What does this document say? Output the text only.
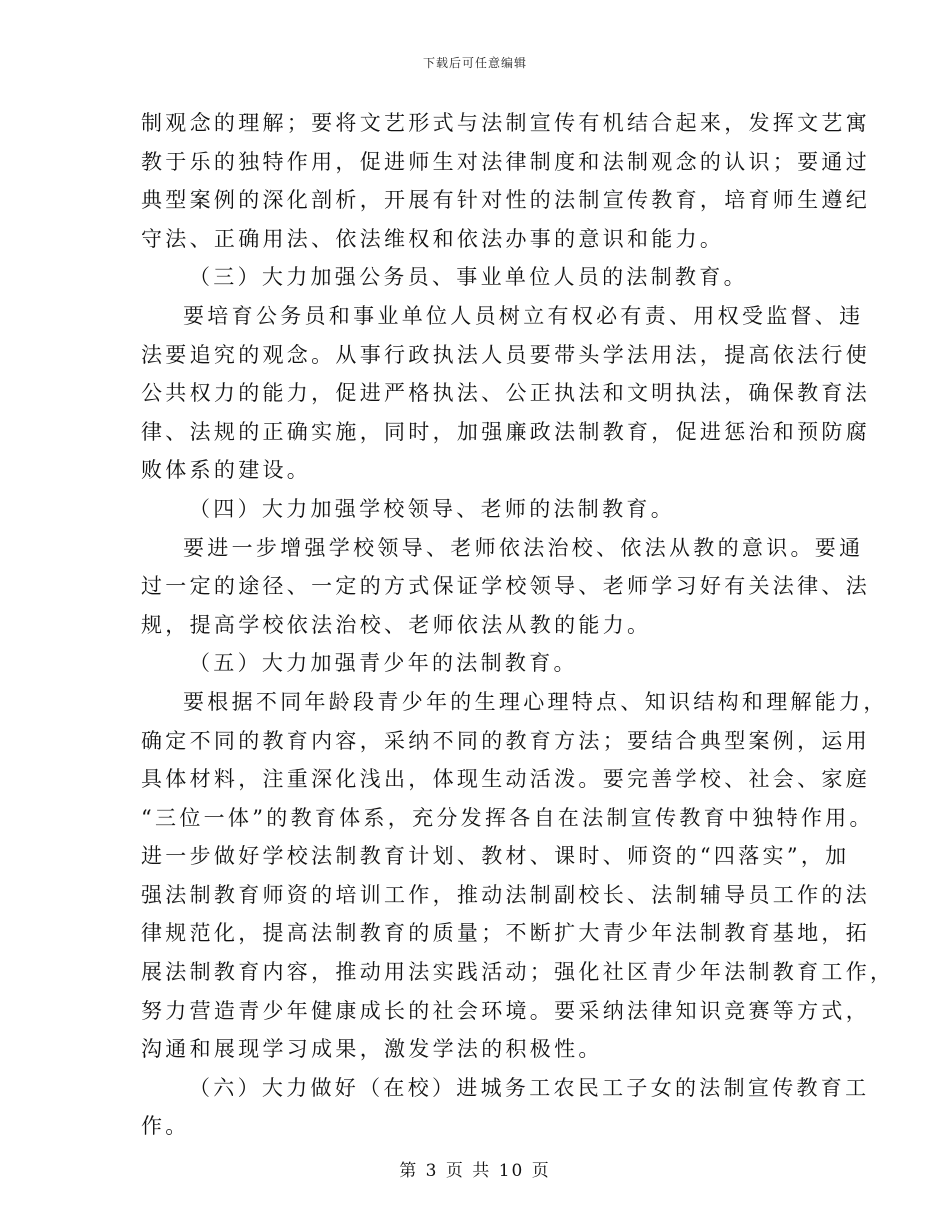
下载后可任意编辑
制观念的理解；要将文艺形式与法制宣传有机结合起来，发挥文艺寓
教于乐的独特作用，促进师生对法律制度和法制观念的认识；要通过
典型案例的深化剖析，开展有针对性的法制宣传教育，培育师生遵纪
守法、正确用法、依法维权和依法办事的意识和能力。
（三）大力加强公务员、事业单位人员的法制教育。
要培育公务员和事业单位人员树立有权必有责、用权受监督、违
法要追究的观念。从事行政执法人员要带头学法用法，提高依法行使
公共权力的能力，促进严格执法、公正执法和文明执法，确保教育法
律、法规的正确实施，同时，加强廉政法制教育，促进惩治和预防腐
败体系的建设。
（四）大力加强学校领导、老师的法制教育。
要进一步增强学校领导、老师依法治校、依法从教的意识。要通
过一定的途径、一定的方式保证学校领导、老师学习好有关法律、法
规，提高学校依法治校、老师依法从教的能力。
（五）大力加强青少年的法制教育。
要根据不同年龄段青少年的生理心理特点、知识结构和理解能力，
确定不同的教育内容，采纳不同的教育方法；要结合典型案例，运用
具体材料，注重深化浅出，体现生动活泼。要完善学校、社会、家庭
“三位一体”的教育体系，充分发挥各自在法制宣传教育中独特作用。
进一步做好学校法制教育计划、教材、课时、师资的“四落实”，加
强法制教育师资的培训工作，推动法制副校长、法制辅导员工作的法
律规范化，提高法制教育的质量；不断扩大青少年法制教育基地，拓
展法制教育内容，推动用法实践活动；强化社区青少年法制教育工作，
努力营造青少年健康成长的社会环境。要采纳法律知识竞赛等方式，
沟通和展现学习成果，激发学法的积极性。
（六）大力做好（在校）进城务工农民工子女的法制宣传教育工
作。
第 3 页 共 10 页
